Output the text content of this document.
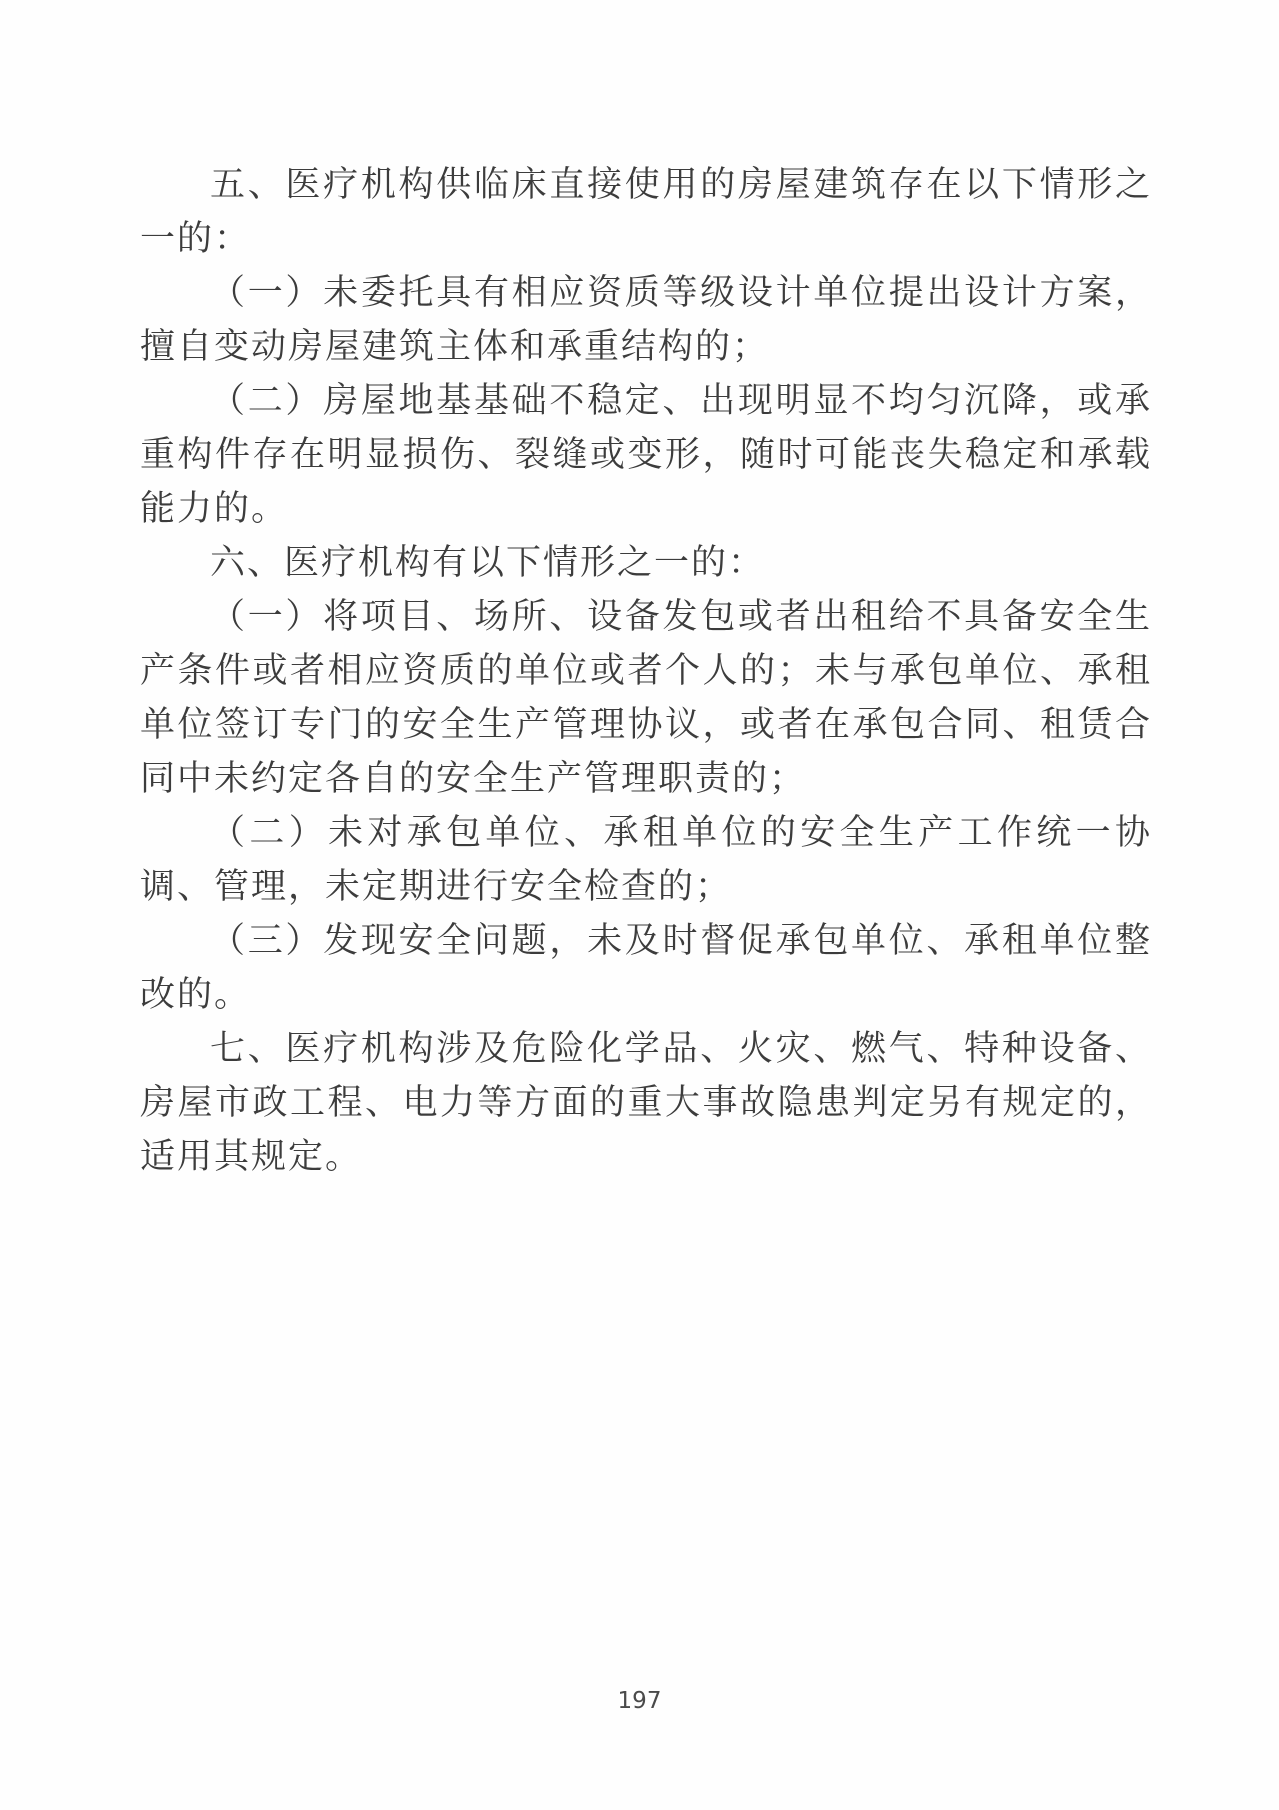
五、医疗机构供临床直接使用的房屋建筑存在以下情形之一的：

（一）未委托具有相应资质等级设计单位提出设计方案，擅自变动房屋建筑主体和承重结构的；

（二）房屋地基基础不稳定、出现明显不均匀沉降，或承重构件存在明显损伤、裂缝或变形，随时可能丧失稳定和承载能力的。

六、医疗机构有以下情形之一的：

（一）将项目、场所、设备发包或者出租给不具备安全生产条件或者相应资质的单位或者个人的；未与承包单位、承租单位签订专门的安全生产管理协议，或者在承包合同、租赁合同中未约定各自的安全生产管理职责的；

（二）未对承包单位、承租单位的安全生产工作统一协调、管理，未定期进行安全检查的；

（三）发现安全问题，未及时督促承包单位、承租单位整改的。

七、医疗机构涉及危险化学品、火灾、燃气、特种设备、房屋市政工程、电力等方面的重大事故隐患判定另有规定的，适用其规定。

197
